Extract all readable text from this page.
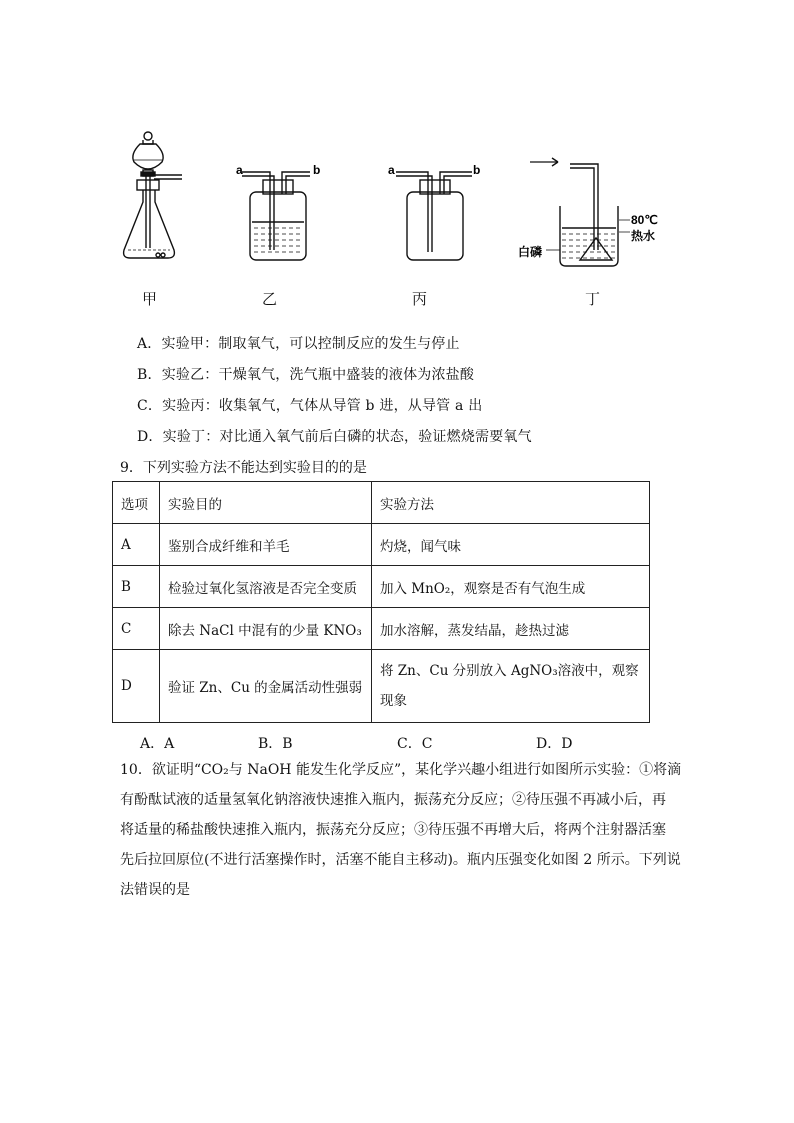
a	b	a	b
80℃
热水
白磷
甲	乙	丙	丁
A．实验甲：制取氧气，可以控制反应的发生与停止
B．实验乙：干燥氧气，洗气瓶中盛装的液体为浓盐酸
C．实验丙：收集氧气，气体从导管 b 进，从导管 a 出
D．实验丁：对比通入氧气前后白磷的状态，验证燃烧需要氧气
9．下列实验方法不能达到实验目的的是
选项	实验目的	实验方法
A	鉴别合成纤维和羊毛	灼烧，闻气味
B	检验过氧化氢溶液是否完全变质	加入 MnO₂，观察是否有气泡生成
C	除去 NaCl 中混有的少量 KNO₃	加水溶解，蒸发结晶，趁热过滤
D	验证 Zn、Cu 的金属活动性强弱	将 Zn、Cu 分别放入 AgNO₃溶液中，观察
现象
A．A	B．B	C．C	D．D
10．欲证明“CO₂与 NaOH 能发生化学反应”，某化学兴趣小组进行如图所示实验：①将滴
有酚酞试液的适量氢氧化钠溶液快速推入瓶内，振荡充分反应；②待压强不再减小后，再
将适量的稀盐酸快速推入瓶内，振荡充分反应；③待压强不再增大后，将两个注射器活塞
先后拉回原位(不进行活塞操作时，活塞不能自主移动)。瓶内压强变化如图 2 所示。下列说
法错误的是
